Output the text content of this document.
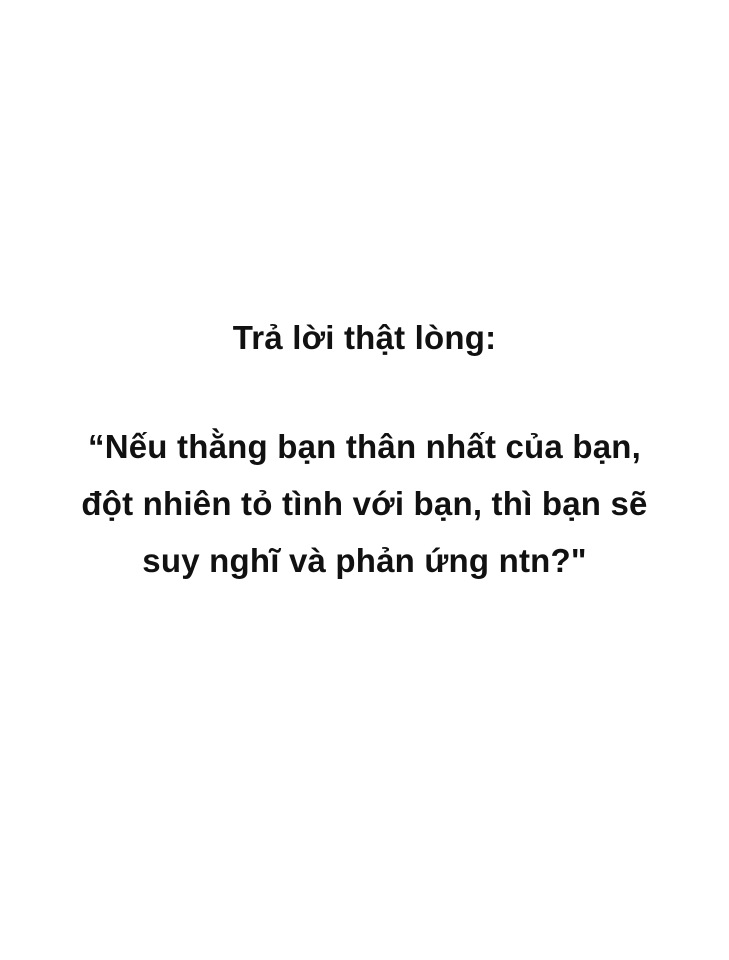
Trả lời thật lòng:
“Nếu thằng bạn thân nhất của bạn,
đột nhiên tỏ tình với bạn, thì bạn sẽ
suy nghĩ và phản ứng ntn?"
